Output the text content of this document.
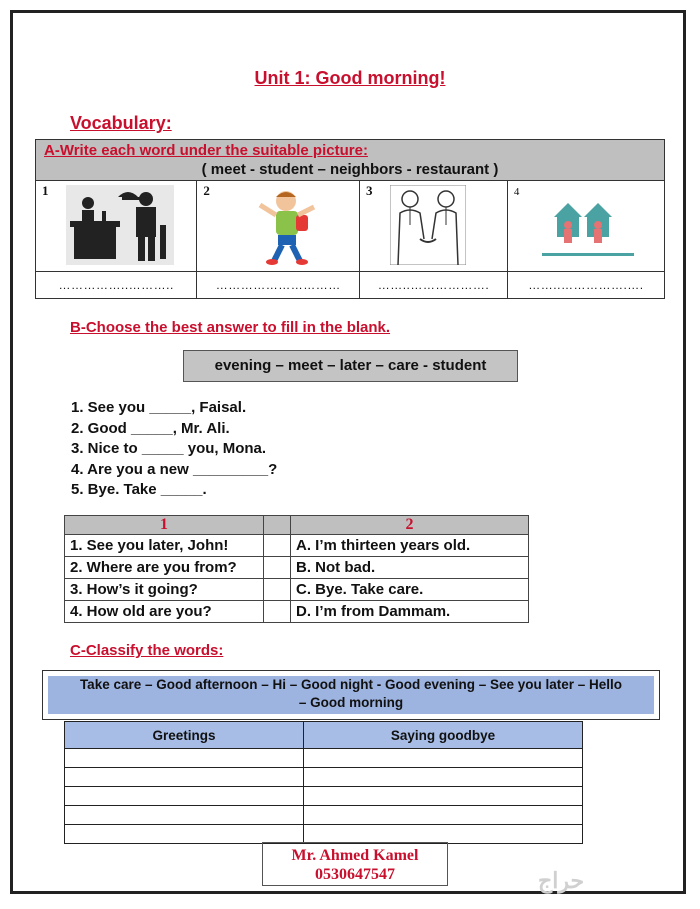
Unit 1: Good morning!
Vocabulary:
A-Write each word under the suitable picture:
( meet - student – neighbors - restaurant )			

1	2	3	4

……………..………..	…………………………	……..……………….	……..…………….….
B-Choose the best answer to fill in the blank.
evening – meet – later – care - student
1. See you _____, Faisal.
2. Good _____, Mr. Ali.
3. Nice to _____ you, Mona.
4. Are you a new _________?
5. Bye. Take _____.
1		2
1. See you later, John!		A. I’m thirteen years old.
2. Where are you from?		B. Not bad.
3. How’s it going?		C. Bye. Take care.
4. How old are you?		D. I’m from Dammam.
C-Classify the words:
Take care – Good afternoon – Hi – Good night - Good evening – See you later – Hello
– Good morning
Greetings	Saying goodbye

Mr. Ahmed Kamel
0530647547	حراج
